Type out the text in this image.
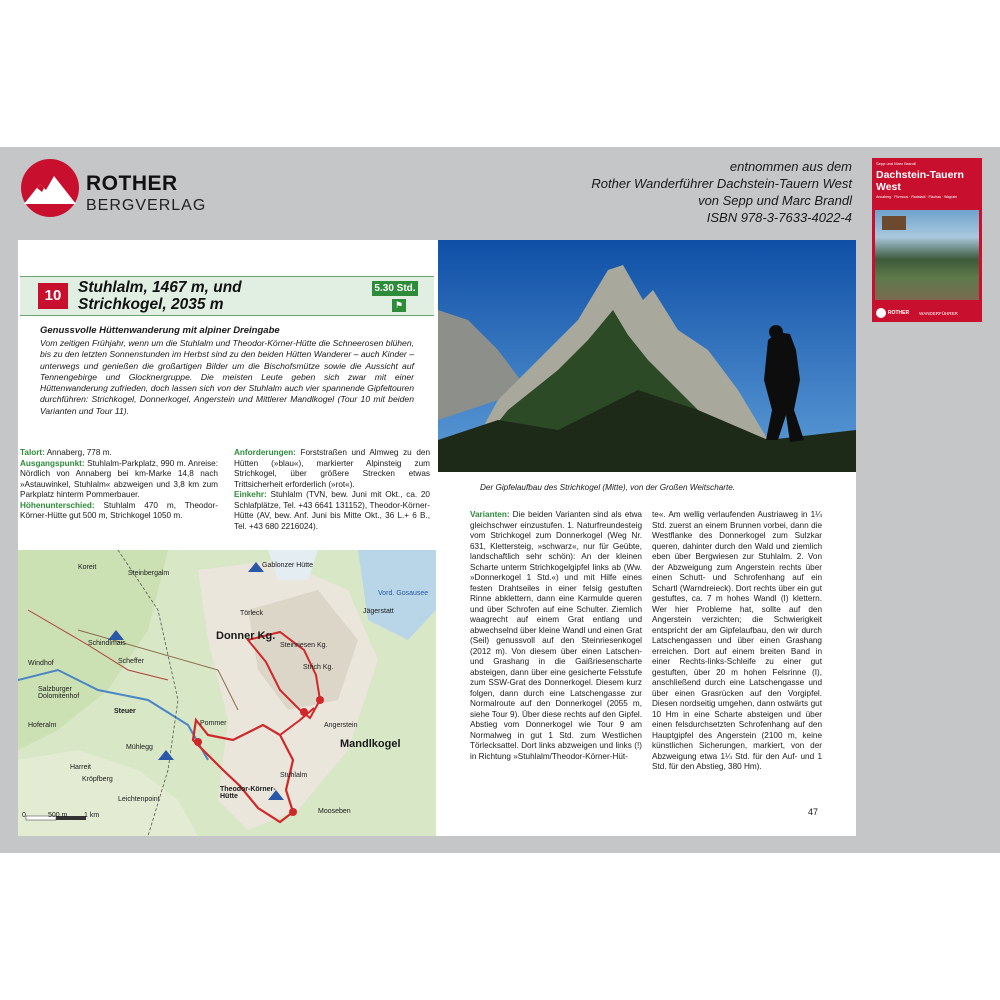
ROTHER
BERGVERLAG
entnommen aus dem
Rother Wanderführer Dachstein-Tauern West
von Sepp und Marc Brandl
ISBN 978-3-7633-4022-4
Sepp und Marc Brandl
Dachstein-Tauern West
Annaberg · Filzmoos · Radstadt · Flachau · Wagrain
ROTHER WANDERFÜHRER
10	Stuhlalm, 1467 m, und
Strichkogel, 2035 m
5.30 Std.
⚑
Genussvolle Hüttenwanderung mit alpiner Dreingabe
Vom zeitigen Frühjahr, wenn um die Stuhlalm und Theodor-Körner-Hütte die Schneerosen blühen, bis zu den letzten Sonnenstunden im Herbst sind zu den beiden Hütten Wanderer – auch Kinder – unterwegs und genießen die großartigen Bilder um die Bischofsmütze sowie die Aussicht auf Tennengebirge und Glocknergruppe. Die meisten Leute geben sich zwar mit einer Hüttenwanderung zufrieden, doch lassen sich von der Stuhlalm auch vier spannende Gipfeltouren durchführen: Strichkogel, Donnerkogel, Angerstein und Mittlerer Mandlkogel (Tour 10 mit beiden Varianten und Tour 11).
Talort: Annaberg, 778 m.
Ausgangspunkt: Stuhlalm-Parkplatz, 990 m. Anreise: Nördlich von Annaberg bei km-Marke 14,8 nach »Astauwinkel, Stuhlalm« abzweigen und 3,8 km zum Parkplatz hinterm Pommerbauer.
Höhenunterschied: Stuhlalm 470 m, Theodor-Körner-Hütte gut 500 m, Strichkogel 1050 m.
Anforderungen: Forststraßen und Almweg zu den Hütten (»blau«), markierter Alpinsteig zum Strichkogel, über größere Strecken etwas Trittsicherheit erforderlich (»rot«).
Einkehr: Stuhlalm (TVN, bew. Juni mit Okt., ca. 20 Schlafplätze, Tel. +43 6641 131152), Theodor-Körner-Hütte (AV, bew. Anf. Juni bis Mitte Okt., 36 L.+ 6 B., Tel. +43 680 2216024).
Gablonzer Hütte
Donner Kg.
Strich Kg.
Angerstein
Mandlkogel
Theodor-Körner-Hütte
Pommer
Windhof
Schindlmais
Scheffer
Salzburger Dolomitenhof
Steuer
Mühlegg
Kröpfberg
Leichtenpoint
Harreit
Koreit
Mooseben
Stuhlalm
Törleck
Steinriesen Kg.
Steinbergalm
Hoferalm
Vord. Gosausee
Jägerstatt
500 m 1 km
0
Der Gipfelaufbau des Strichkogel (Mitte), von der Großen Weitscharte.
Varianten: Die beiden Varianten sind als etwa gleichschwer einzustufen. 1. Naturfreundesteig vom Strichkogel zum Donnerkogel (Weg Nr. 631, Klettersteig, »schwarz«, nur für Geübte, landschaftlich sehr schön): An der kleinen Scharte unterm Strichkogelgipfel links ab (Ww. »Donnerkogel 1 Std.«) und mit Hilfe eines festen Drahtseiles in einer felsig gestuften Rinne abklettern, dann eine Karmulde queren und über Schrofen auf eine Schulter. Ziemlich waagrecht auf einem Grat entlang und abwechselnd über kleine Wandl und einen Grat (Seil) genussvoll auf den Steinriesenkogel (2012 m). Von diesem über einen Latschen- und Grashang in die Gaißriesenscharte absteigen, dann über eine gesicherte Felsstufe zum SSW-Grat des Donnerkogel. Diesem kurz folgen, dann durch eine Latschengasse zur Normalroute auf den Donnerkogel (2055 m, siehe Tour 9). Über diese rechts auf den Gipfel. Abstieg vom Donnerkogel wie Tour 9 am Normalweg in gut 1 Std. zum Westlichen Törlecksattel. Dort links abzweigen und links (!) in Richtung »Stuhlalm/Theodor-Körner-Hüt-
te«. Am wellig verlaufenden Austriaweg in 1¼ Std. zuerst an einem Brunnen vorbei, dann die Westflanke des Donnerkogel zum Sulzkar queren, dahinter durch den Wald und ziemlich eben über Bergwiesen zur Stuhlalm. 2. Von der Abzweigung zum Angerstein rechts über einen Schutt- und Schrofenhang auf ein Schartl (Warndreieck). Dort rechts über ein gut gestuftes, ca. 7 m hohes Wandl (I) klettern. Wer hier Probleme hat, sollte auf den Angerstein verzichten; die Schwierigkeit entspricht der am Gipfelaufbau, den wir durch Latschengassen und über einen Grashang erreichen. Dort auf einem breiten Band in einer Rechts-links-Schleife zu einer gut gestuften, über 20 m hohen Felsrinne (I), anschließend durch eine Latschengasse und über einen Grasrücken auf den Vorgipfel. Diesen nordseitig umgehen, dann ostwärts gut 10 Hm in eine Scharte absteigen und über einen felsdurchsetzten Schrofenhang auf den Hauptgipfel des Angerstein (2100 m, keine künstlichen Sicherungen, markiert, von der Abzweigung etwa 1¼ Std. für den Auf- und 1 Std. für den Abstieg, 380 Hm).
47
